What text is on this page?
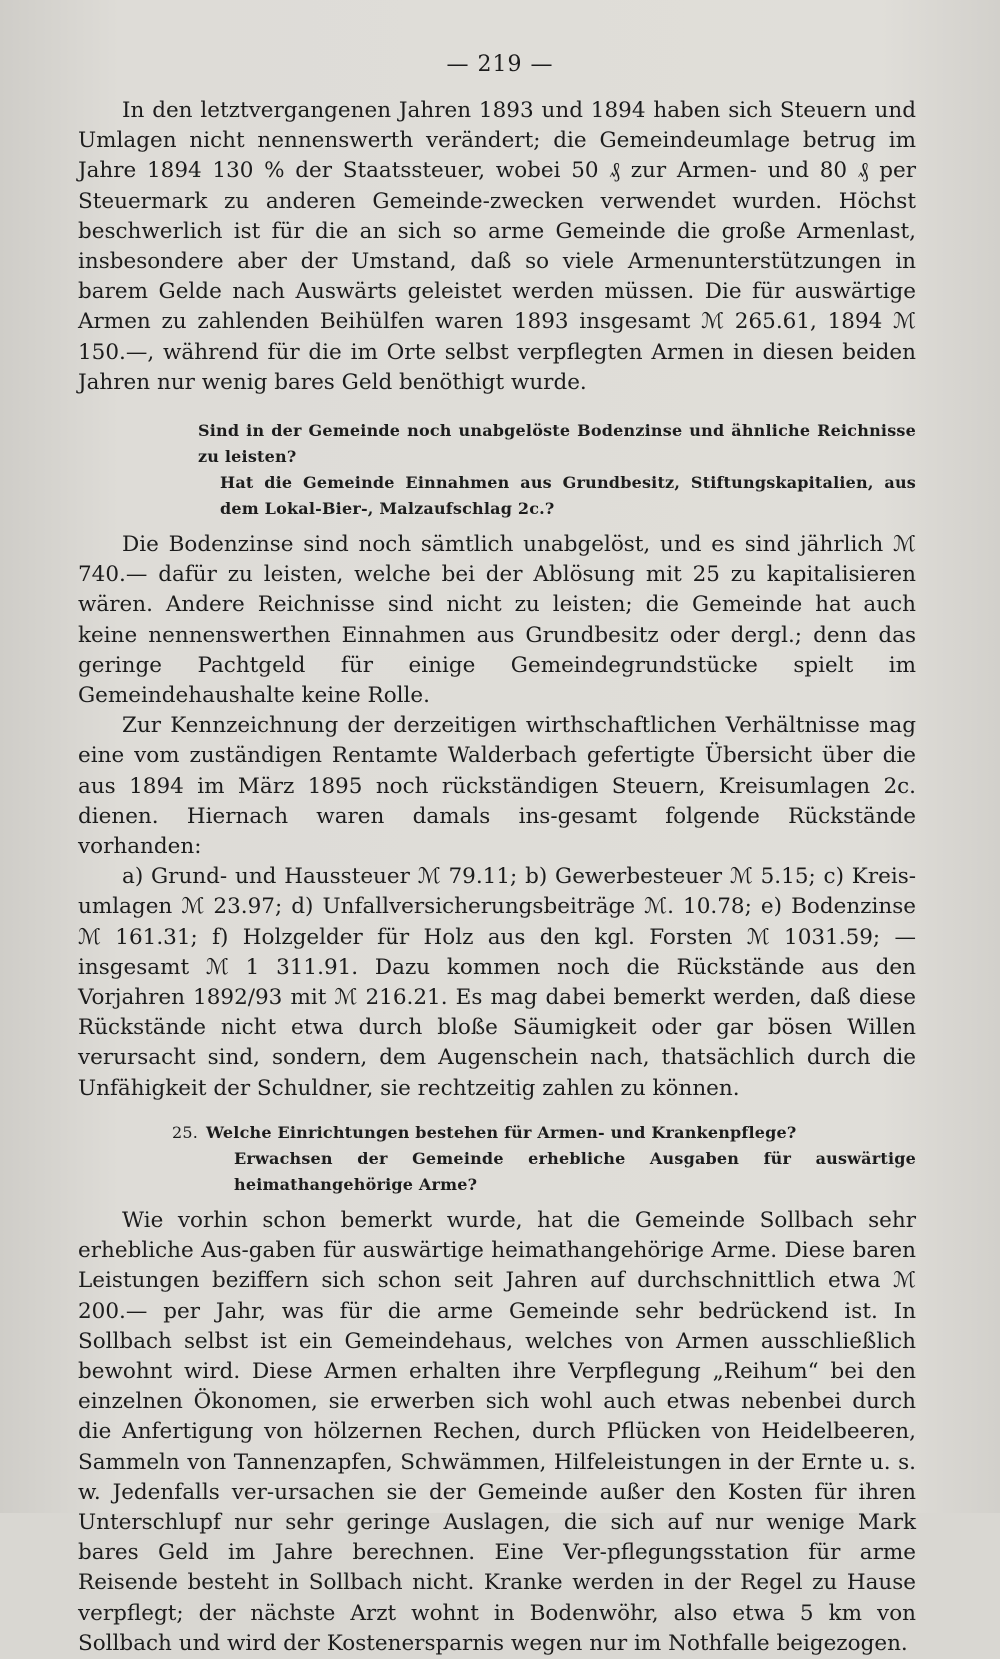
— 219 —

In den letztvergangenen Jahren 1893 und 1894 haben sich Steuern und Umlagen nicht nennenswerth verändert; die Gemeindeumlage betrug im Jahre 1894 130 % der Staatssteuer, wobei 50 ₰ zur Armen- und 80 ₰ per Steuermark zu anderen Gemeinde-zwecken verwendet wurden. Höchst beschwerlich ist für die an sich so arme Gemeinde die große Armenlast, insbesondere aber der Umstand, daß so viele Armenunterstützungen in barem Gelde nach Auswärts geleistet werden müssen. Die für auswärtige Armen zu zahlenden Beihülfen waren 1893 insgesamt ℳ 265.61, 1894 ℳ 150.—, während für die im Orte selbst verpflegten Armen in diesen beiden Jahren nur wenig bares Geld benöthigt wurde.

Sind in der Gemeinde noch unabgelöste Bodenzinse und ähnliche Reichnisse zu leisten?

Hat die Gemeinde Einnahmen aus Grundbesitz, Stiftungskapitalien, aus dem Lokal-Bier-, Malzaufschlag 2c.?

Die Bodenzinse sind noch sämtlich unabgelöst, und es sind jährlich ℳ 740.— dafür zu leisten, welche bei der Ablösung mit 25 zu kapitalisieren wären. Andere Reichnisse sind nicht zu leisten; die Gemeinde hat auch keine nennenswerthen Einnahmen aus Grundbesitz oder dergl.; denn das geringe Pachtgeld für einige Gemeindegrundstücke spielt im Gemeindehaushalte keine Rolle.

Zur Kennzeichnung der derzeitigen wirthschaftlichen Verhältnisse mag eine vom zuständigen Rentamte Walderbach gefertigte Übersicht über die aus 1894 im März 1895 noch rückständigen Steuern, Kreisumlagen 2c. dienen. Hiernach waren damals ins-gesamt folgende Rückstände vorhanden:

a) Grund- und Haussteuer ℳ 79.11; b) Gewerbesteuer ℳ 5.15; c) Kreis-umlagen ℳ 23.97; d) Unfallversicherungsbeiträge ℳ. 10.78; e) Bodenzinse ℳ 161.31; f) Holzgelder für Holz aus den kgl. Forsten ℳ 1031.59; — insgesamt ℳ 1 311.91. Dazu kommen noch die Rückstände aus den Vorjahren 1892/93 mit ℳ 216.21. Es mag dabei bemerkt werden, daß diese Rückstände nicht etwa durch bloße Säumigkeit oder gar bösen Willen verursacht sind, sondern, dem Augenschein nach, thatsächlich durch die Unfähigkeit der Schuldner, sie rechtzeitig zahlen zu können.

25. Welche Einrichtungen bestehen für Armen- und Krankenpflege?

Erwachsen der Gemeinde erhebliche Ausgaben für auswärtige heimathangehörige Arme?

Wie vorhin schon bemerkt wurde, hat die Gemeinde Sollbach sehr erhebliche Aus-gaben für auswärtige heimathangehörige Arme. Diese baren Leistungen beziffern sich schon seit Jahren auf durchschnittlich etwa ℳ 200.— per Jahr, was für die arme Gemeinde sehr bedrückend ist. In Sollbach selbst ist ein Gemeindehaus, welches von Armen ausschließlich bewohnt wird. Diese Armen erhalten ihre Verpflegung „Reihum“ bei den einzelnen Ökonomen, sie erwerben sich wohl auch etwas nebenbei durch die Anfertigung von hölzernen Rechen, durch Pflücken von Heidelbeeren, Sammeln von Tannenzapfen, Schwämmen, Hilfeleistungen in der Ernte u. s. w. Jedenfalls ver-ursachen sie der Gemeinde außer den Kosten für ihren Unterschlupf nur sehr geringe Auslagen, die sich auf nur wenige Mark bares Geld im Jahre berechnen. Eine Ver-pflegungsstation für arme Reisende besteht in Sollbach nicht. Kranke werden in der Regel zu Hause verpflegt; der nächste Arzt wohnt in Bodenwöhr, also etwa 5 km von Sollbach und wird der Kostenersparnis wegen nur im Nothfalle beigezogen.
